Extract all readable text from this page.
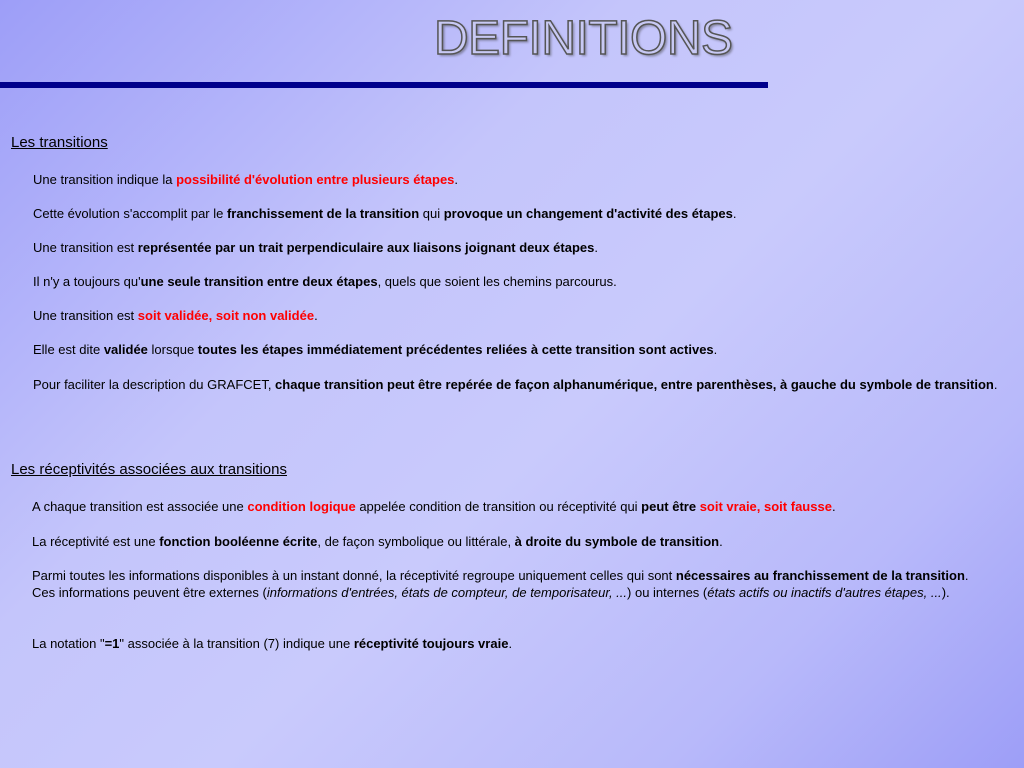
DEFINITIONS
Les transitions
Une transition indique la possibilité d'évolution entre plusieurs étapes.
Cette évolution s'accomplit par le franchissement de la transition qui provoque un changement d'activité des étapes.
Une transition est représentée par un trait perpendiculaire aux liaisons joignant deux étapes.
Il n'y a toujours qu'une seule transition entre deux étapes, quels que soient les chemins parcourus.
Une transition est soit validée, soit non validée.
Elle est dite validée lorsque toutes les étapes immédiatement précédentes reliées à cette transition sont actives.
Pour faciliter la description du GRAFCET, chaque transition peut être repérée de façon alphanumérique, entre parenthèses, à gauche du symbole de transition.
Les réceptivités associées aux transitions
A chaque transition est associée une condition logique appelée condition de transition ou réceptivité qui peut être soit vraie, soit fausse.
La réceptivité est une fonction booléenne écrite, de façon symbolique ou littérale, à droite du symbole de transition.
Parmi toutes les informations disponibles à un instant donné, la réceptivité regroupe uniquement celles qui sont nécessaires au franchissement de la transition. Ces informations peuvent être externes (informations d'entrées, états de compteur, de temporisateur, ...) ou internes (états actifs ou inactifs d'autres étapes, ...).
La notation "=1" associée à la transition (7) indique une réceptivité toujours vraie.
